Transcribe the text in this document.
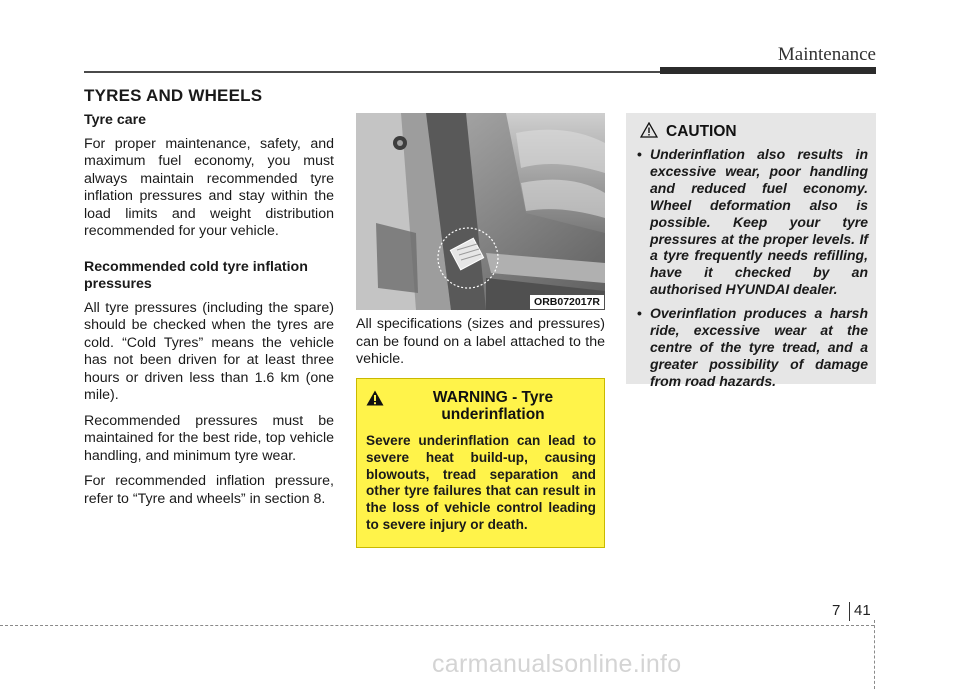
Maintenance
TYRES AND WHEELS
Tyre care

For proper maintenance, safety, and maximum fuel economy, you must always maintain recommended tyre inflation pressures and stay within the load limits and weight distribution recommended for your vehicle.

Recommended cold tyre inflation pressures

All tyre pressures (including the spare) should be checked when the tyres are cold. “Cold Tyres” means the vehicle has not been driven for at least three hours or driven less than 1.6 km (one mile).

Recommended pressures must be maintained for the best ride, top vehicle handling, and minimum tyre wear.

For recommended inflation pressure, refer to “Tyre and wheels” in section 8.

ORB072017R
All specifications (sizes and pressures) can be found on a label attached to the vehicle.
WARNING - Tyre underinflation
Severe underinflation can lead to severe heat build-up, causing blowouts, tread separation and other tyre failures that can result in the loss of vehicle control leading to severe injury or death.
CAUTION
• Underinflation also results in excessive wear, poor handling and reduced fuel economy. Wheel deformation also is possible. Keep your tyre pressures at the proper levels. If a tyre frequently needs refilling, have it checked by an authorised HYUNDAI dealer.
• Overinflation produces a harsh ride, excessive wear at the centre of the tyre tread, and a greater possibility of damage from road hazards.
7 41
carmanualsonline.info
